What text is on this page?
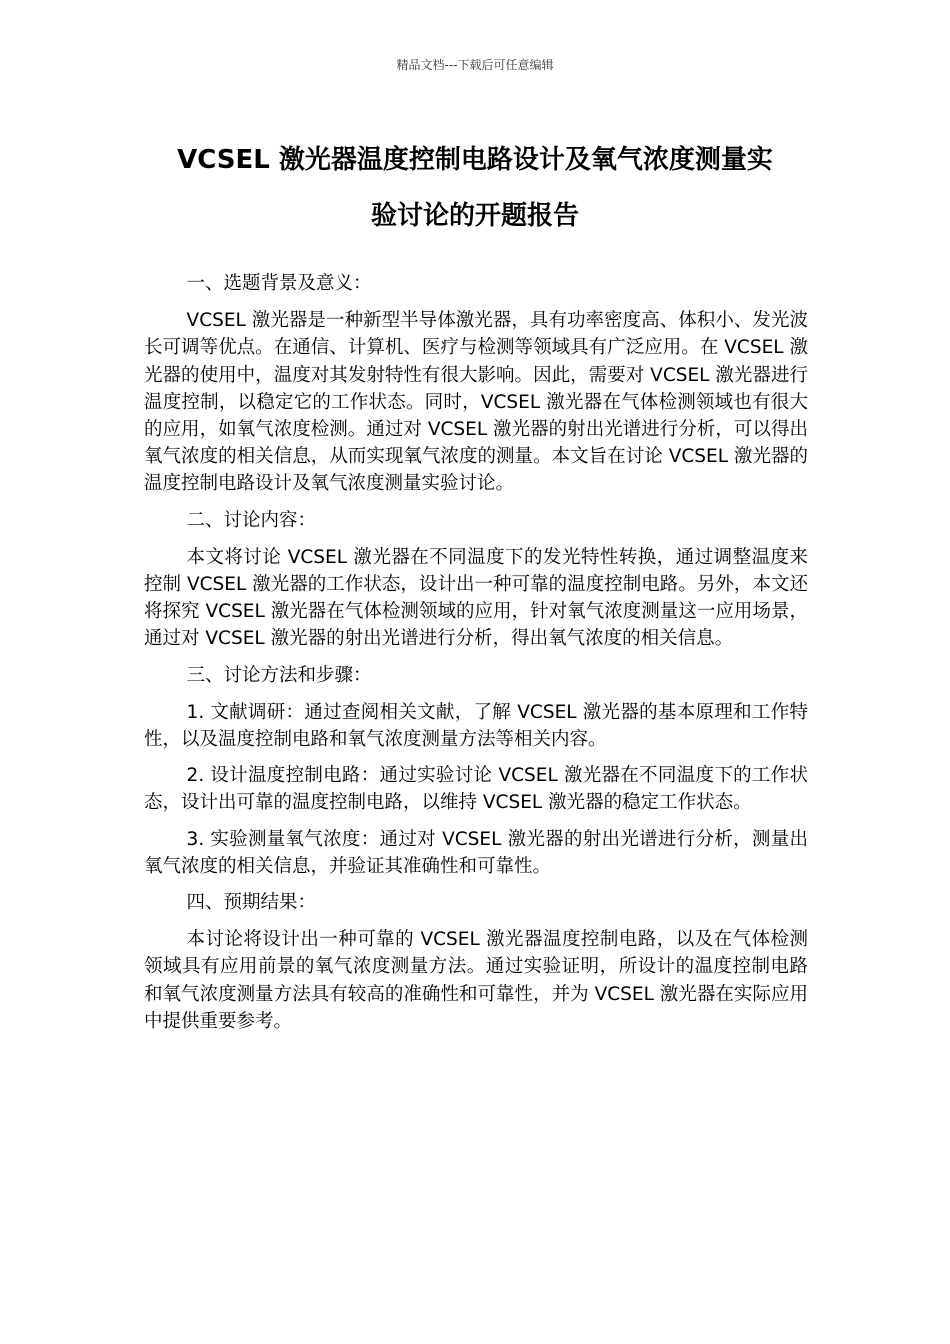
精品文档---下载后可任意编辑
VCSEL 激光器温度控制电路设计及氧气浓度测量实
验讨论的开题报告

一、选题背景及意义：

VCSEL 激光器是一种新型半导体激光器，具有功率密度高、体积小、发光波长可调等优点。在通信、计算机、医疗与检测等领域具有广泛应用。在 VCSEL 激光器的使用中，温度对其发射特性有很大影响。因此，需要对 VCSEL 激光器进行温度控制，以稳定它的工作状态。同时，VCSEL 激光器在气体检测领域也有很大的应用，如氧气浓度检测。通过对 VCSEL 激光器的射出光谱进行分析，可以得出氧气浓度的相关信息，从而实现氧气浓度的测量。本文旨在讨论 VCSEL 激光器的温度控制电路设计及氧气浓度测量实验讨论。

二、讨论内容：

本文将讨论 VCSEL 激光器在不同温度下的发光特性转换，通过调整温度来控制 VCSEL 激光器的工作状态，设计出一种可靠的温度控制电路。另外，本文还将探究 VCSEL 激光器在气体检测领域的应用，针对氧气浓度测量这一应用场景，通过对 VCSEL 激光器的射出光谱进行分析，得出氧气浓度的相关信息。

三、讨论方法和步骤：

1. 文献调研：通过查阅相关文献，了解 VCSEL 激光器的基本原理和工作特性，以及温度控制电路和氧气浓度测量方法等相关内容。

2. 设计温度控制电路：通过实验讨论 VCSEL 激光器在不同温度下的工作状态，设计出可靠的温度控制电路，以维持 VCSEL 激光器的稳定工作状态。

3. 实验测量氧气浓度：通过对 VCSEL 激光器的射出光谱进行分析，测量出氧气浓度的相关信息，并验证其准确性和可靠性。

四、预期结果：

本讨论将设计出一种可靠的 VCSEL 激光器温度控制电路，以及在气体检测领域具有应用前景的氧气浓度测量方法。通过实验证明，所设计的温度控制电路和氧气浓度测量方法具有较高的准确性和可靠性，并为 VCSEL 激光器在实际应用中提供重要参考。
